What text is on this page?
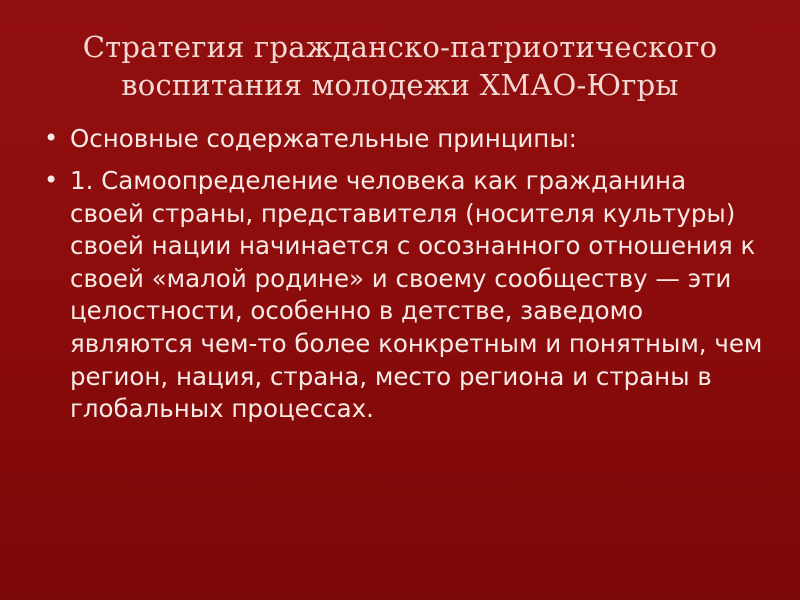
Стратегия гражданско-патриотического воспитания молодежи ХМАО-Югры
• Основные содержательные принципы:
• 1. Самоопределение человека как гражданина своей страны, представителя (носителя культуры) своей нации начинается с осознанного отношения к своей «малой родине» и своему сообществу — эти целостности, особенно в детстве, заведомо являются чем-то более конкретным и понятным, чем регион, нация, страна, место региона и страны в глобальных процессах.
